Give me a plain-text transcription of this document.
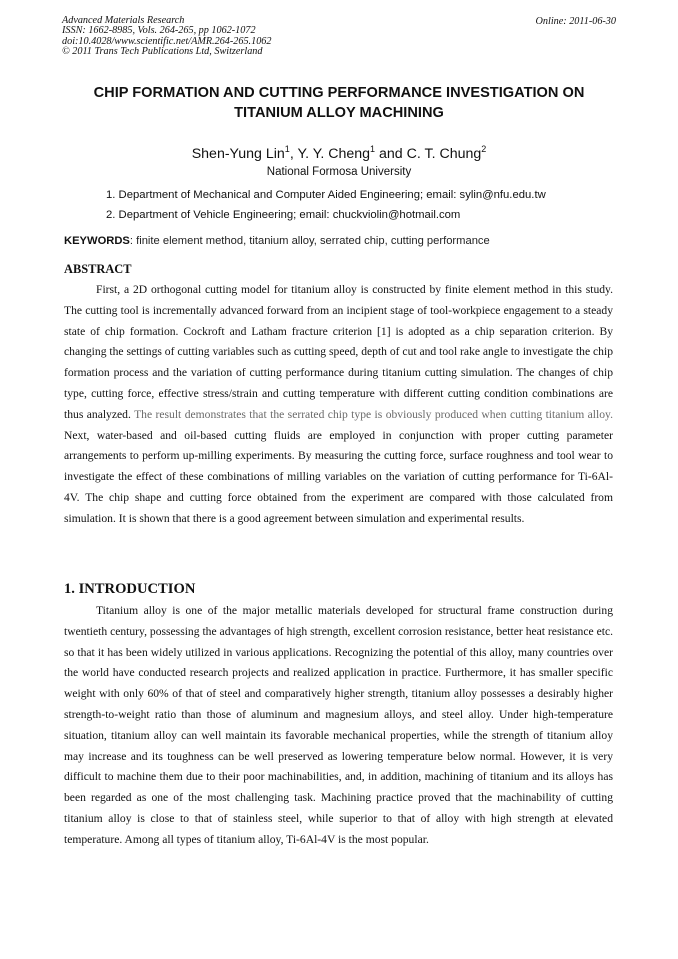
Advanced Materials Research
ISSN: 1662-8985, Vols. 264-265, pp 1062-1072
doi:10.4028/www.scientific.net/AMR.264-265.1062
© 2011 Trans Tech Publications Ltd, Switzerland
Online: 2011-06-30
CHIP FORMATION AND CUTTING PERFORMANCE INVESTIGATION ON
TITANIUM ALLOY MACHINING
Shen-Yung Lin$^1$, Y. Y. Cheng$^1$ and C. T. Chung$^2$
National Formosa University
1. Department of Mechanical and Computer Aided Engineering; email: sylin@nfu.edu.tw
2. Department of Vehicle Engineering; email: chuckviolin@hotmail.com
KEYWORDS: finite element method, titanium alloy, serrated chip, cutting performance
ABSTRACT

First, a 2D orthogonal cutting model for titanium alloy is constructed by finite element method in this study. The cutting tool is incrementally advanced forward from an incipient stage of tool-workpiece engagement to a steady state of chip formation. Cockroft and Latham fracture criterion [1] is adopted as a chip separation criterion. By changing the settings of cutting variables such as cutting speed, depth of cut and tool rake angle to investigate the chip formation process and the variation of cutting performance during titanium cutting simulation. The changes of chip type, cutting force, effective stress/strain and cutting temperature with different cutting condition combinations are thus analyzed. The result demonstrates that the serrated chip type is obviously produced when cutting titanium alloy. Next, water-based and oil-based cutting fluids are employed in conjunction with proper cutting parameter arrangements to perform up-milling experiments. By measuring the cutting force, surface roughness and tool wear to investigate the effect of these combinations of milling variables on the variation of cutting performance for Ti-6Al-4V. The chip shape and cutting force obtained from the experiment are compared with those calculated from simulation. It is shown that there is a good agreement between simulation and experimental results.

1. INTRODUCTION

Titanium alloy is one of the major metallic materials developed for structural frame construction during twentieth century, possessing the advantages of high strength, excellent corrosion resistance, better heat resistance etc. so that it has been widely utilized in various applications. Recognizing the potential of this alloy, many countries over the world have conducted research projects and realized application in practice. Furthermore, it has smaller specific weight with only 60% of that of steel and comparatively higher strength, titanium alloy possesses a desirably higher strength-to-weight ratio than those of aluminum and magnesium alloys, and steel alloy. Under high-temperature situation, titanium alloy can well maintain its favorable mechanical properties, while the strength of titanium alloy may increase and its toughness can be well preserved as lowering temperature below normal. However, it is very difficult to machine them due to their poor machinabilities, and, in addition, machining of titanium and its alloys has been regarded as one of the most challenging task. Machining practice proved that the machinability of cutting titanium alloy is close to that of stainless steel, while superior to that of alloy with high strength at elevated temperature. Among all types of titanium alloy, Ti-6Al-4V is the most popular.
